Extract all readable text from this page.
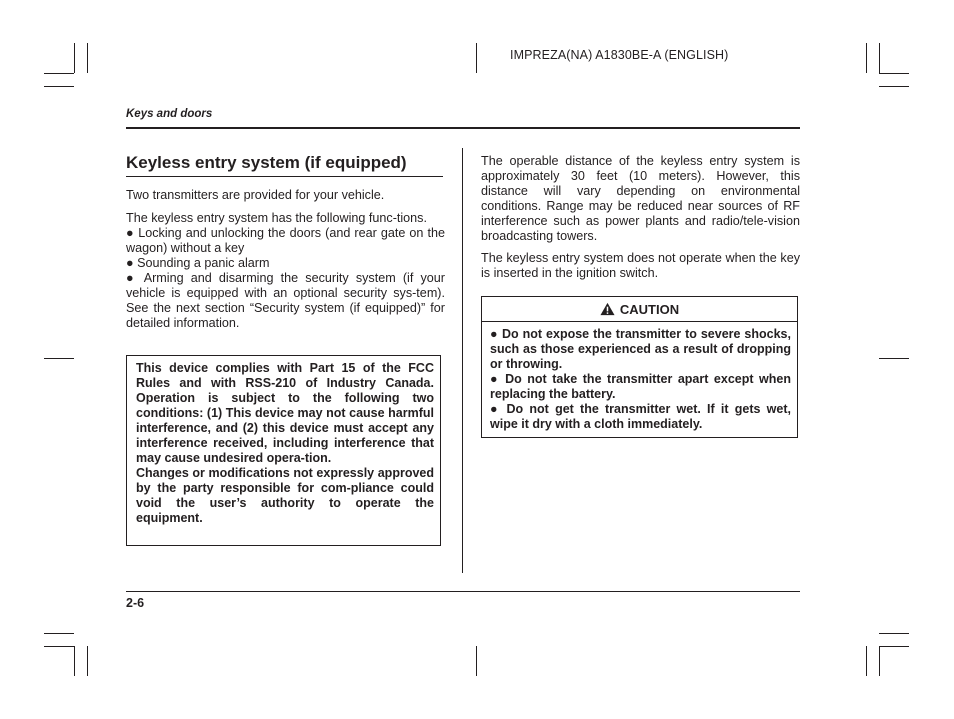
IMPREZA(NA) A1830BE-A (ENGLISH)
Keys and doors
Keyless entry system (if equipped)

Two transmitters are provided for your vehicle.

The keyless entry system has the following func-tions.

● Locking and unlocking the doors (and rear gate on the wagon) without a key

● Sounding a panic alarm

● Arming and disarming the security system (if your vehicle is equipped with an optional security sys-tem). See the next section “Security system (if equipped)” for detailed information.

This device complies with Part 15 of the FCC Rules and with RSS-210 of Industry Canada. Operation is subject to the following two conditions: (1) This device may not cause harmful interference, and (2) this device must accept any interference received, including interference that may cause undesired opera-tion.

Changes or modifications not expressly approved by the party responsible for com-pliance could void the user’s authority to operate the equipment.

The operable distance of the keyless entry system is approximately 30 feet (10 meters). However, this distance will vary depending on environmental conditions. Range may be reduced near sources of RF interference such as power plants and radio/tele-vision broadcasting towers.

The keyless entry system does not operate when the key is inserted in the ignition switch.

CAUTION

● Do not expose the transmitter to severe shocks, such as those experienced as a result of dropping or throwing.

● Do not take the transmitter apart except when replacing the battery.

● Do not get the transmitter wet. If it gets wet, wipe it dry with a cloth immediately.

2-6
